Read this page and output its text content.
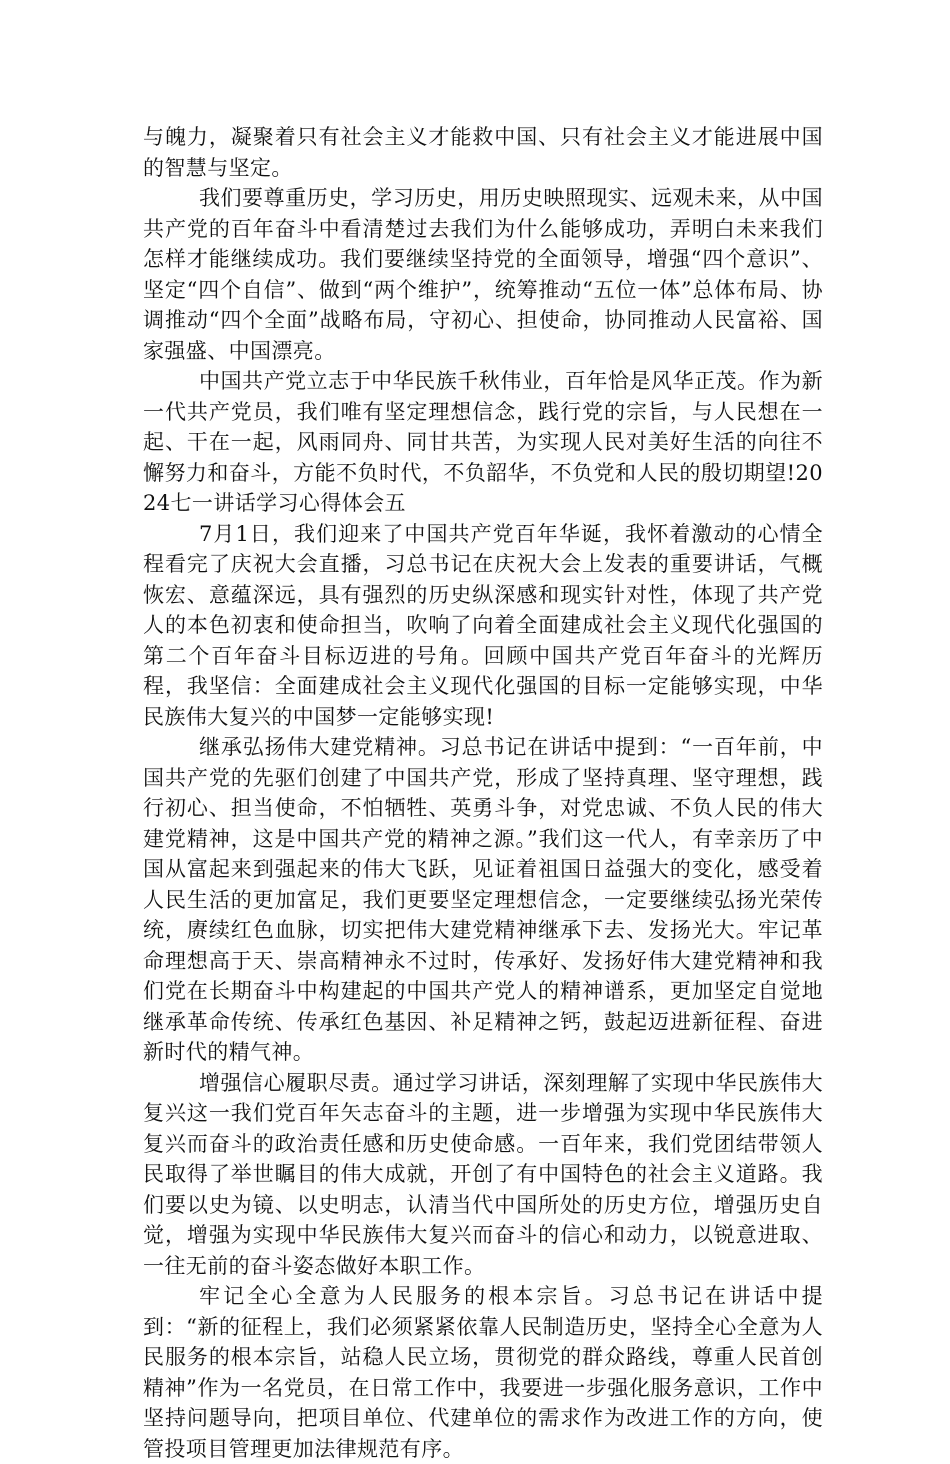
与魄力，凝聚着只有社会主义才能救中国、只有社会主义才能进展中国的智慧与坚定。

我们要尊重历史，学习历史，用历史映照现实、远观未来，从中国共产党的百年奋斗中看清楚过去我们为什么能够成功，弄明白未来我们怎样才能继续成功。我们要继续坚持党的全面领导，增强“四个意识”、坚定“四个自信”、做到“两个维护”，统筹推动“五位一体”总体布局、协调推动“四个全面”战略布局，守初心、担使命，协同推动人民富裕、国家强盛、中国漂亮。

中国共产党立志于中华民族千秋伟业，百年恰是风华正茂。作为新一代共产党员，我们唯有坚定理想信念，践行党的宗旨，与人民想在一起、干在一起，风雨同舟、同甘共苦，为实现人民对美好生活的向往不懈努力和奋斗，方能不负时代，不负韶华，不负党和人民的殷切期望!2024七一讲话学习心得体会五

7月1日，我们迎来了中国共产党百年华诞，我怀着激动的心情全程看完了庆祝大会直播，习总书记在庆祝大会上发表的重要讲话，气概恢宏、意蕴深远，具有强烈的历史纵深感和现实针对性，体现了共产党人的本色初衷和使命担当，吹响了向着全面建成社会主义现代化强国的第二个百年奋斗目标迈进的号角。回顾中国共产党百年奋斗的光辉历程，我坚信：全面建成社会主义现代化强国的目标一定能够实现，中华民族伟大复兴的中国梦一定能够实现!

继承弘扬伟大建党精神。习总书记在讲话中提到：“一百年前，中国共产党的先驱们创建了中国共产党，形成了坚持真理、坚守理想，践行初心、担当使命，不怕牺牲、英勇斗争，对党忠诚、不负人民的伟大建党精神，这是中国共产党的精神之源。”我们这一代人，有幸亲历了中国从富起来到强起来的伟大飞跃，见证着祖国日益强大的变化，感受着人民生活的更加富足，我们更要坚定理想信念，一定要继续弘扬光荣传统，赓续红色血脉，切实把伟大建党精神继承下去、发扬光大。牢记革命理想高于天、崇高精神永不过时，传承好、发扬好伟大建党精神和我们党在长期奋斗中构建起的中国共产党人的精神谱系，更加坚定自觉地继承革命传统、传承红色基因、补足精神之钙，鼓起迈进新征程、奋进新时代的精气神。

增强信心履职尽责。通过学习讲话，深刻理解了实现中华民族伟大复兴这一我们党百年矢志奋斗的主题，进一步增强为实现中华民族伟大复兴而奋斗的政治责任感和历史使命感。一百年来，我们党团结带领人民取得了举世瞩目的伟大成就，开创了有中国特色的社会主义道路。我们要以史为镜、以史明志，认清当代中国所处的历史方位，增强历史自觉，增强为实现中华民族伟大复兴而奋斗的信心和动力，以锐意进取、一往无前的奋斗姿态做好本职工作。

牢记全心全意为人民服务的根本宗旨。习总书记在讲话中提到：“新的征程上，我们必须紧紧依靠人民制造历史，坚持全心全意为人民服务的根本宗旨，站稳人民立场，贯彻党的群众路线，尊重人民首创精神”作为一名党员，在日常工作中，我要进一步强化服务意识，工作中坚持问题导向，把项目单位、代建单位的需求作为改进工作的方向，使管投项目管理更加法律规范有序。
